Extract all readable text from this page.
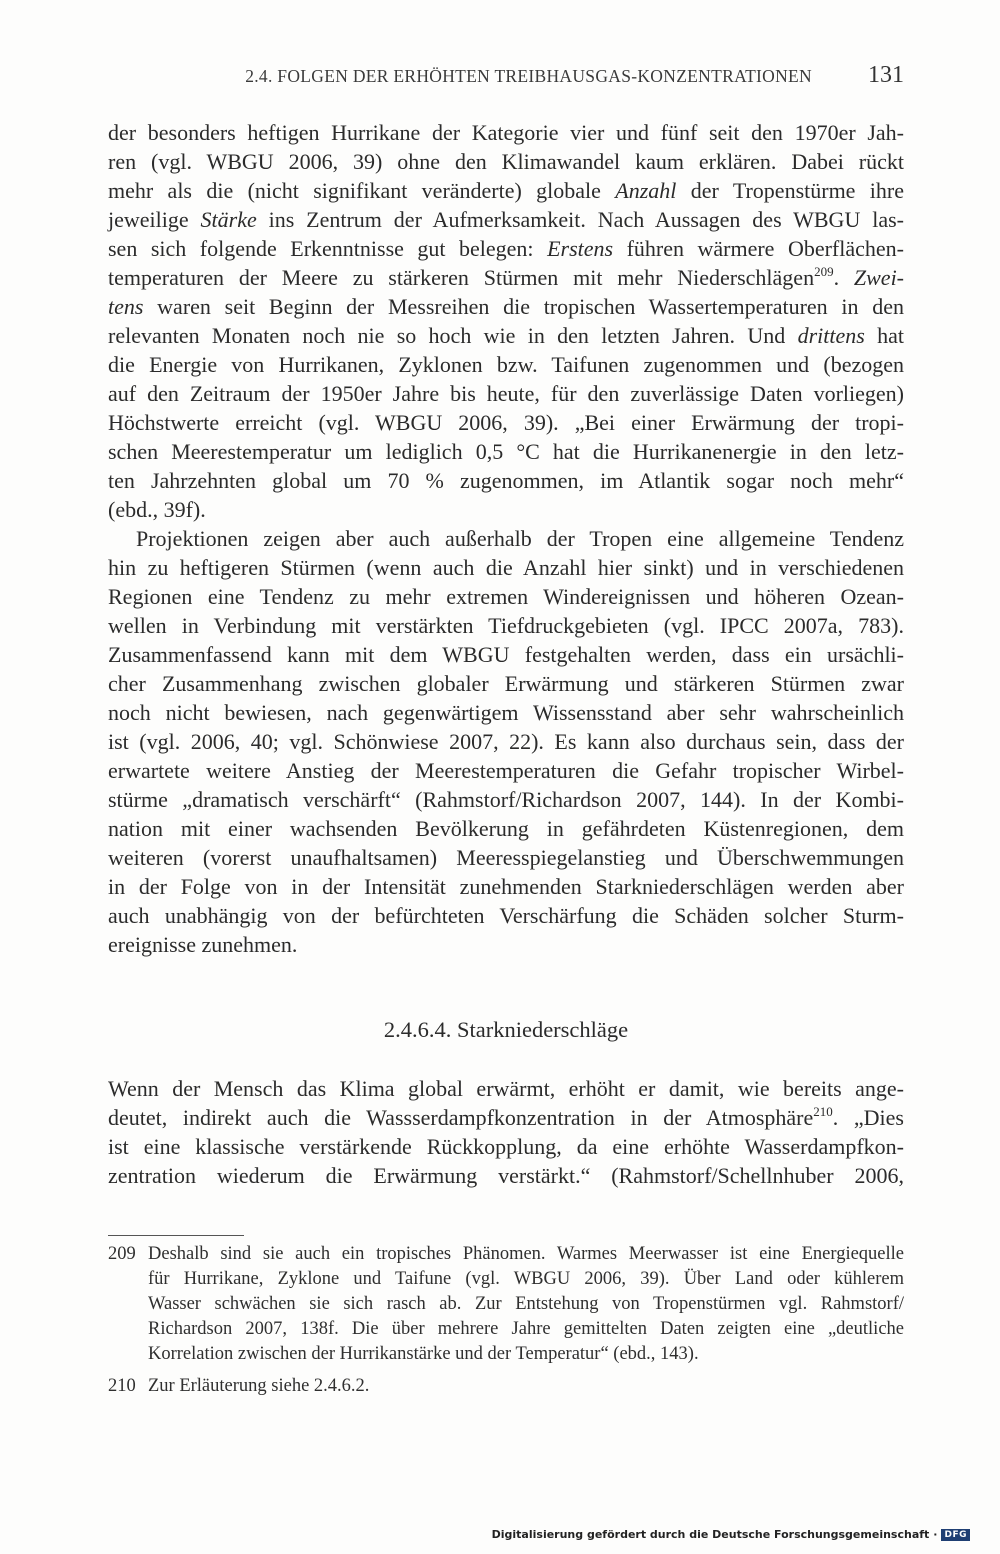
2.4. FOLGEN DER ERHÖHTEN TREIBHAUSGAS-KONZENTRATIONEN 131
der besonders heftigen Hurrikane der Kategorie vier und fünf seit den 1970er Jah-
ren (vgl. WBGU 2006, 39) ohne den Klimawandel kaum erklären. Dabei rückt
mehr als die (nicht signifikant veränderte) globale Anzahl der Tropenstürme ihre
jeweilige Stärke ins Zentrum der Aufmerksamkeit. Nach Aussagen des WBGU las-
sen sich folgende Erkenntnisse gut belegen: Erstens führen wärmere Oberflächen-
temperaturen der Meere zu stärkeren Stürmen mit mehr Niederschlägen$^{209}$. Zwei-
tens waren seit Beginn der Messreihen die tropischen Wassertemperaturen in den
relevanten Monaten noch nie so hoch wie in den letzten Jahren. Und drittens hat
die Energie von Hurrikanen, Zyklonen bzw. Taifunen zugenommen und (bezogen
auf den Zeitraum der 1950er Jahre bis heute, für den zuverlässige Daten vorliegen)
Höchstwerte erreicht (vgl. WBGU 2006, 39). „Bei einer Erwärmung der tropi-
schen Meerestemperatur um lediglich 0,5 °C hat die Hurrikanenergie in den letz-
ten Jahrzehnten global um 70 % zugenommen, im Atlantik sogar noch mehr“
(ebd., 39f).
Projektionen zeigen aber auch außerhalb der Tropen eine allgemeine Tendenz
hin zu heftigeren Stürmen (wenn auch die Anzahl hier sinkt) und in verschiedenen
Regionen eine Tendenz zu mehr extremen Windereignissen und höheren Ozean-
wellen in Verbindung mit verstärkten Tiefdruckgebieten (vgl. IPCC 2007a, 783).
Zusammenfassend kann mit dem WBGU festgehalten werden, dass ein ursächli-
cher Zusammenhang zwischen globaler Erwärmung und stärkeren Stürmen zwar
noch nicht bewiesen, nach gegenwärtigem Wissensstand aber sehr wahrscheinlich
ist (vgl. 2006, 40; vgl. Schönwiese 2007, 22). Es kann also durchaus sein, dass der
erwartete weitere Anstieg der Meerestemperaturen die Gefahr tropischer Wirbel-
stürme „dramatisch verschärft“ (Rahmstorf/Richardson 2007, 144). In der Kombi-
nation mit einer wachsenden Bevölkerung in gefährdeten Küstenregionen, dem
weiteren (vorerst unaufhaltsamen) Meeresspiegelanstieg und Überschwemmungen
in der Folge von in der Intensität zunehmenden Starkniederschlägen werden aber
auch unabhängig von der befürchteten Verschärfung die Schäden solcher Sturm-
ereignisse zunehmen.
2.4.6.4. Starkniederschläge
Wenn der Mensch das Klima global erwärmt, erhöht er damit, wie bereits ange-
deutet, indirekt auch die Wassserdampfkonzentration in der Atmosphäre$^{210}$. „Dies
ist eine klassische verstärkende Rückkopplung, da eine erhöhte Wasserdampfkon-
zentration wiederum die Erwärmung verstärkt.“ (Rahmstorf/Schellnhuber 2006,
209 Deshalb sind sie auch ein tropisches Phänomen. Warmes Meerwasser ist eine Energiequelle
für Hurrikane, Zyklone und Taifune (vgl. WBGU 2006, 39). Über Land oder kühlerem
Wasser schwächen sie sich rasch ab. Zur Entstehung von Tropenstürmen vgl. Rahmstorf/
Richardson 2007, 138f. Die über mehrere Jahre gemittelten Daten zeigten eine „deutliche
Korrelation zwischen der Hurrikanstärke und der Temperatur“ (ebd., 143).
210 Zur Erläuterung siehe 2.4.6.2.
Digitalisierung gefördert durch die Deutsche Forschungsgemeinschaft · DFG
